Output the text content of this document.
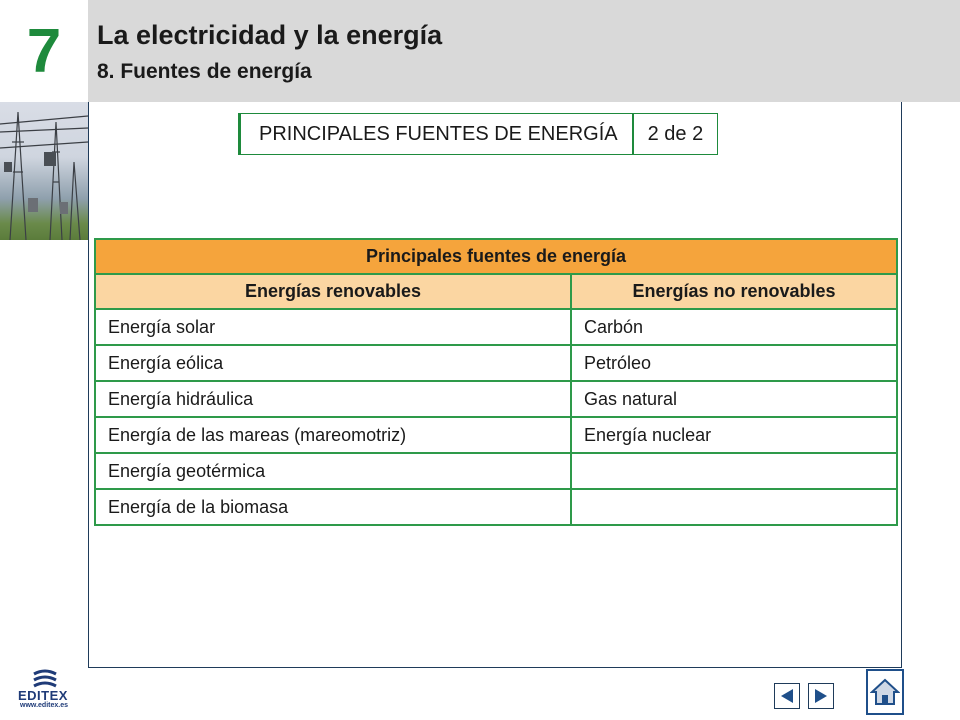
7	La electricidad y la energía
8. Fuentes de energía
PRINCIPALES FUENTES DE ENERGÍA	2 de 2
Principales fuentes de energía	
Energías renovables	Energías no renovables
Energía solar	Carbón
Energía eólica	Petróleo
Energía hidráulica	Gas natural
Energía de las mareas (mareomotriz)	Energía nuclear
Energía geotérmica	
Energía de la biomasa	
EDITEX
www.editex.es
